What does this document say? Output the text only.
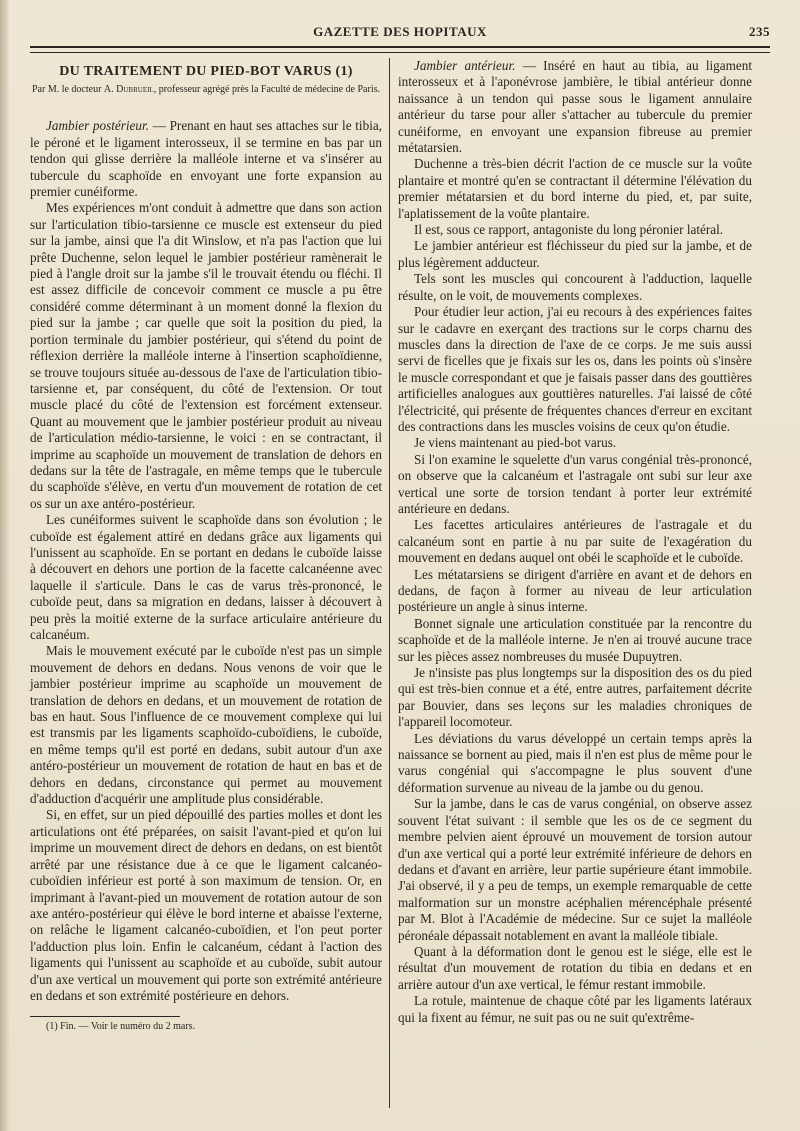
GAZETTE DES HOPITAUX	235
DU TRAITEMENT DU PIED-BOT VARUS (1)
Par M. le docteur A. Dubrueil, professeur agrégé près la Faculté de médecine de Paris.

Jambier postérieur. — Prenant en haut ses attaches sur le tibia, le péroné et le ligament interosseux, il se termine en bas par un tendon qui glisse derrière la malléole interne et va s'insérer au tubercule du scaphoïde en envoyant une forte expansion au premier cunéiforme.

Mes expériences m'ont conduit à admettre que dans son action sur l'articulation tibio-tarsienne ce muscle est extenseur du pied sur la jambe, ainsi que l'a dit Winslow, et n'a pas l'action que lui prête Duchenne, selon lequel le jambier postérieur ramènerait le pied à l'angle droit sur la jambe s'il le trouvait étendu ou fléchi. Il est assez difficile de concevoir comment ce muscle a pu être considéré comme déterminant à un moment donné la flexion du pied sur la jambe ; car quelle que soit la position du pied, la portion terminale du jambier postérieur, qui s'étend du point de réflexion derrière la malléole interne à l'insertion scaphoïdienne, se trouve toujours située au-dessous de l'axe de l'articulation tibio-tarsienne et, par conséquent, du côté de l'extension. Or tout muscle placé du côté de l'extension est forcément extenseur. Quant au mouvement que le jambier postérieur produit au niveau de l'articulation médio-tarsienne, le voici : en se contractant, il imprime au scaphoïde un mouvement de translation de dehors en dedans sur la tête de l'astragale, en même temps que le tubercule du scaphoïde s'élève, en vertu d'un mouvement de rotation de cet os sur un axe antéro-postérieur.

Les cunéiformes suivent le scaphoïde dans son évolution ; le cuboïde est également attiré en dedans grâce aux ligaments qui l'unissent au scaphoïde. En se portant en dedans le cuboïde laisse à découvert en dehors une portion de la facette calcanéenne avec laquelle il s'articule. Dans le cas de varus très-prononcé, le cuboïde peut, dans sa migration en dedans, laisser à découvert à peu près la moitié externe de la surface articulaire antérieure du calcanéum.

Mais le mouvement exécuté par le cuboïde n'est pas un simple mouvement de dehors en dedans. Nous venons de voir que le jambier postérieur imprime au scaphoïde un mouvement de translation de dehors en dedans, et un mouvement de rotation de bas en haut. Sous l'influence de ce mouvement complexe qui lui est transmis par les ligaments scaphoïdo-cuboïdiens, le cuboïde, en même temps qu'il est porté en dedans, subit autour d'un axe antéro-postérieur un mouvement de rotation de haut en bas et de dehors en dedans, circonstance qui permet au mouvement d'adduction d'acquérir une amplitude plus considérable.

Si, en effet, sur un pied dépouillé des parties molles et dont les articulations ont été préparées, on saisit l'avant-pied et qu'on lui imprime un mouvement direct de dehors en dedans, on est bientôt arrêté par une résistance due à ce que le ligament calcanéo-cuboïdien inférieur est porté à son maximum de tension. Or, en imprimant à l'avant-pied un mouvement de rotation autour de son axe antéro-postérieur qui élève le bord interne et abaisse l'externe, on relâche le ligament calcanéo-cuboïdien, et l'on peut porter l'adduction plus loin. Enfin le calcanéum, cédant à l'action des ligaments qui l'unissent au scaphoïde et au cuboïde, subit autour d'un axe vertical un mouvement qui porte son extrémité antérieure en dedans et son extrémité postérieure en dehors.

(1) Fin. — Voir le numéro du 2 mars.

Jambier antérieur. — Inséré en haut au tibia, au ligament interosseux et à l'aponévrose jambière, le tibial antérieur donne naissance à un tendon qui passe sous le ligament annulaire antérieur du tarse pour aller s'attacher au tubercule du premier cunéiforme, en envoyant une expansion fibreuse au premier métatarsien.

Duchenne a très-bien décrit l'action de ce muscle sur la voûte plantaire et montré qu'en se contractant il détermine l'élévation du premier métatarsien et du bord interne du pied, et, par suite, l'aplatissement de la voûte plantaire.

Il est, sous ce rapport, antagoniste du long péronier latéral.

Le jambier antérieur est fléchisseur du pied sur la jambe, et de plus légèrement adducteur.

Tels sont les muscles qui concourent à l'adduction, laquelle résulte, on le voit, de mouvements complexes.

Pour étudier leur action, j'ai eu recours à des expériences faites sur le cadavre en exerçant des tractions sur le corps charnu des muscles dans la direction de l'axe de ce corps. Je me suis aussi servi de ficelles que je fixais sur les os, dans les points où s'insère le muscle correspondant et que je faisais passer dans des gouttières artificielles analogues aux gouttières naturelles. J'ai laissé de côté l'électricité, qui présente de fréquentes chances d'erreur en excitant des contractions dans les muscles voisins de ceux qu'on étudie.

Je viens maintenant au pied-bot varus.

Si l'on examine le squelette d'un varus congénial très-prononcé, on observe que la calcanéum et l'astragale ont subi sur leur axe vertical une sorte de torsion tendant à porter leur extrémité antérieure en dedans.

Les facettes articulaires antérieures de l'astragale et du calcanéum sont en partie à nu par suite de l'exagération du mouvement en dedans auquel ont obéi le scaphoïde et le cuboïde.

Les métatarsiens se dirigent d'arrière en avant et de dehors en dedans, de façon à former au niveau de leur articulation postérieure un angle à sinus interne.

Bonnet signale une articulation constituée par la rencontre du scaphoïde et de la malléole interne. Je n'en ai trouvé aucune trace sur les pièces assez nombreuses du musée Dupuytren.

Je n'insiste pas plus longtemps sur la disposition des os du pied qui est très-bien connue et a été, entre autres, parfaitement décrite par Bouvier, dans ses leçons sur les maladies chroniques de l'appareil locomoteur.

Les déviations du varus développé un certain temps après la naissance se bornent au pied, mais il n'en est plus de même pour le varus congénial qui s'accompagne le plus souvent d'une déformation survenue au niveau de la jambe ou du genou.

Sur la jambe, dans le cas de varus congénial, on observe assez souvent l'état suivant : il semble que les os de ce segment du membre pelvien aient éprouvé un mouvement de torsion autour d'un axe vertical qui a porté leur extrémité inférieure de dehors en dedans et d'avant en arrière, leur partie supérieure étant immobile. J'ai observé, il y a peu de temps, un exemple remarquable de cette malformation sur un monstre acéphalien mérencéphale présenté par M. Blot à l'Académie de médecine. Sur ce sujet la malléole péronéale dépassait notablement en avant la malléole tibiale.

Quant à la déformation dont le genou est le siége, elle est le résultat d'un mouvement de rotation du tibia en dedans et en arrière autour d'un axe vertical, le fémur restant immobile.

La rotule, maintenue de chaque côté par les ligaments latéraux qui la fixent au fémur, ne suit pas ou ne suit qu'extrême-
